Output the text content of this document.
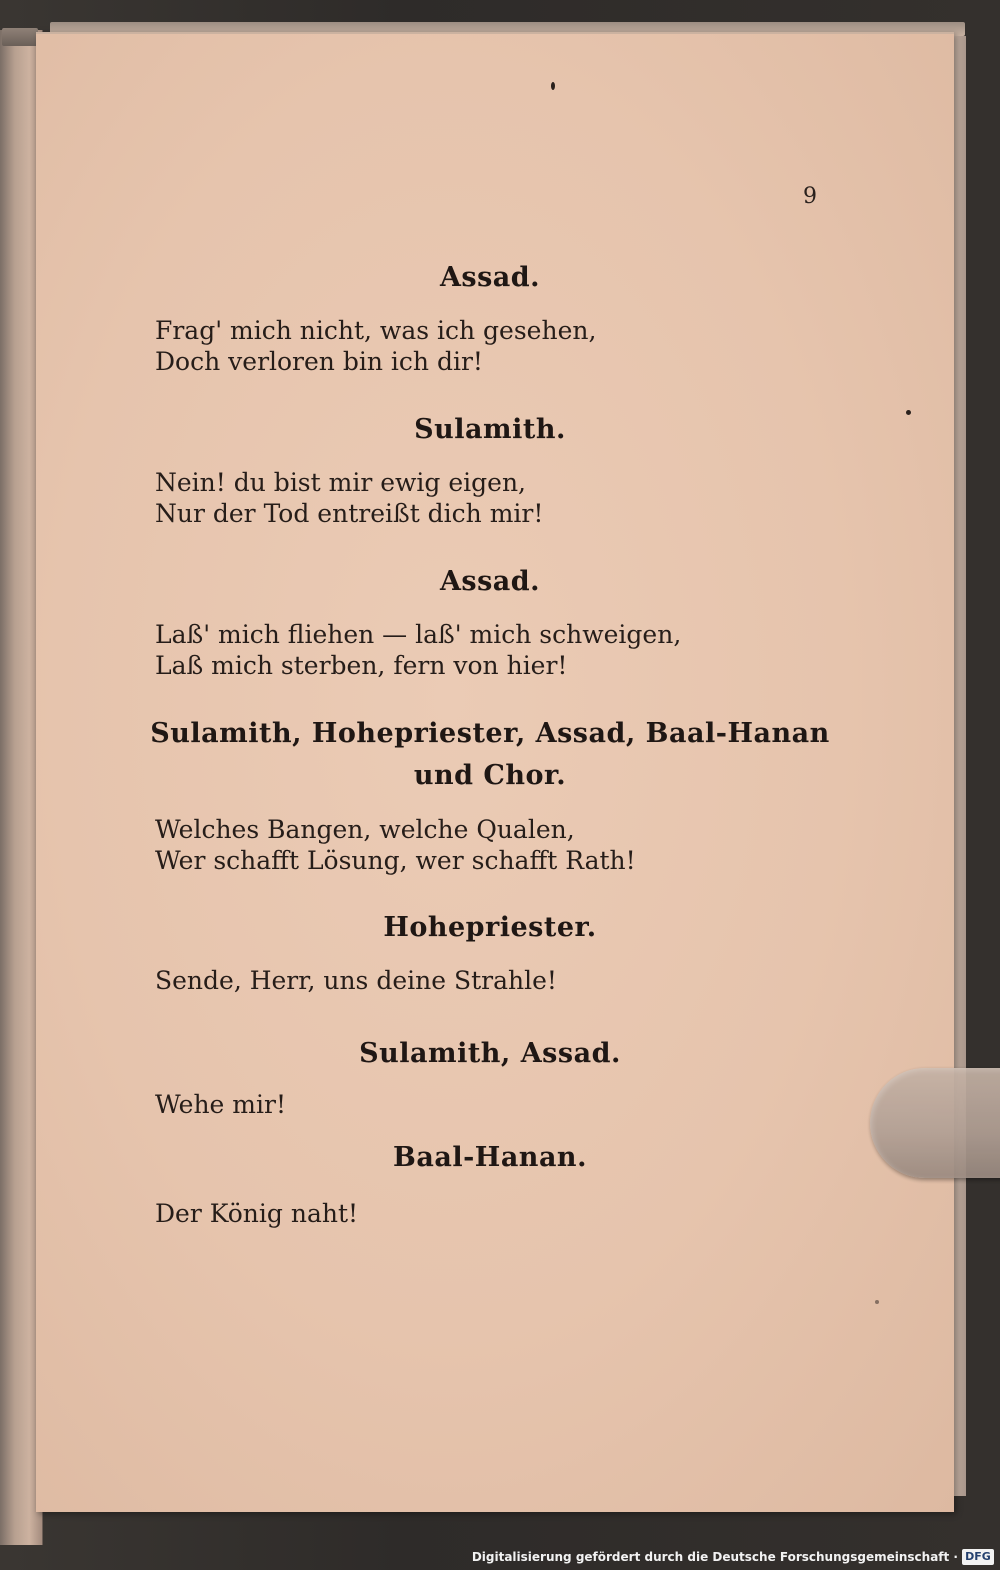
9
Assad.
Frag' mich nicht, was ich gesehen,
Doch verloren bin ich dir!
Sulamith.
Nein! du bist mir ewig eigen,
Nur der Tod entreißt dich mir!
Assad.
Laß' mich fliehen — laß' mich schweigen,
Laß mich sterben, fern von hier!
Sulamith, Hohepriester, Assad, Baal-Hanan
und Chor.
Welches Bangen, welche Qualen,
Wer schafft Lösung, wer schafft Rath!
Hohepriester.
Sende, Herr, uns deine Strahle!
Sulamith, Assad.
Wehe mir!
Baal-Hanan.
Der König naht!
Digitalisierung gefördert durch die Deutsche Forschungsgemeinschaft · DFG
